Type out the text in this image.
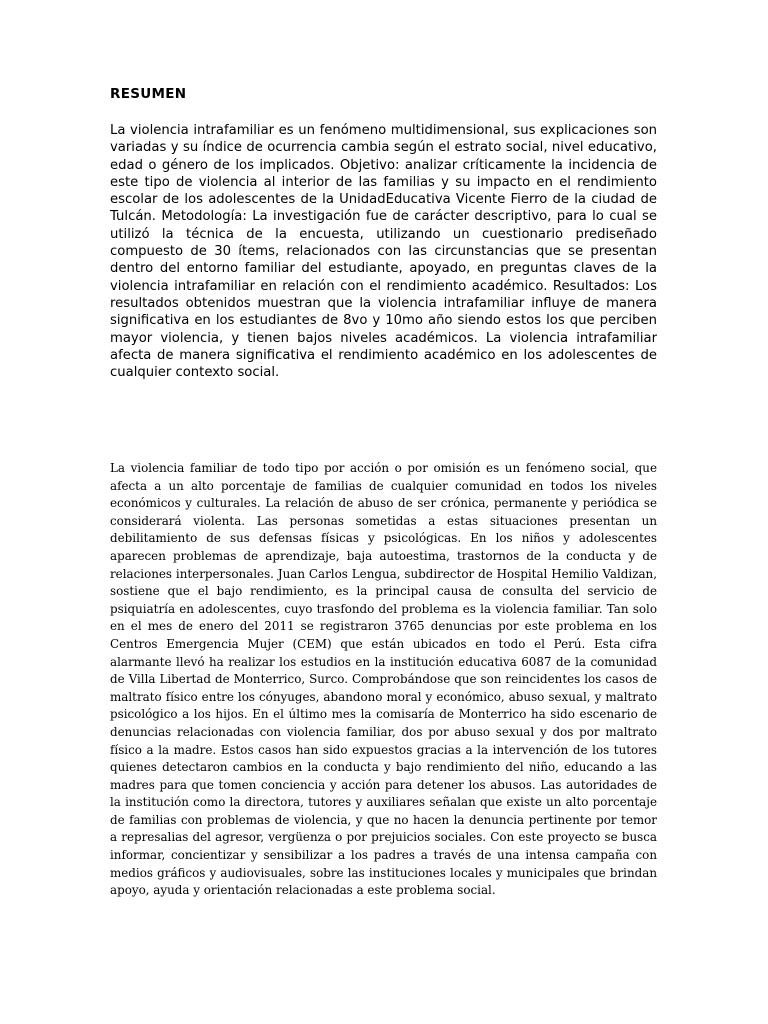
RESUMEN

La violencia intrafamiliar es un fenómeno multidimensional, sus explicaciones son variadas y su índice de ocurrencia cambia según el estrato social, nivel educativo, edad o género de los implicados. Objetivo: analizar críticamente la incidencia de este tipo de violencia al interior de las familias y su impacto en el rendimiento escolar de los adolescentes de la UnidadEducativa Vicente Fierro de la ciudad de Tulcán. Metodología: La investigación fue de carácter descriptivo, para lo cual se utilizó la técnica de la encuesta, utilizando un cuestionario prediseñado compuesto de 30 ítems, relacionados con las circunstancias que se presentan dentro del entorno familiar del estudiante, apoyado, en preguntas claves de la violencia intrafamiliar en relación con el rendimiento académico. Resultados: Los resultados obtenidos muestran que la violencia intrafamiliar influye de manera significativa en los estudiantes de 8vo y 10mo año siendo estos los que perciben mayor violencia, y tienen bajos niveles académicos. La violencia intrafamiliar afecta de manera significativa el rendimiento académico en los adolescentes de cualquier contexto social.

La violencia familiar de todo tipo por acción o por omisión es un fenómeno social, que afecta a un alto porcentaje de familias de cualquier comunidad en todos los niveles económicos y culturales. La relación de abuso de ser crónica, permanente y periódica se considerará violenta. Las personas sometidas a estas situaciones presentan un debilitamiento de sus defensas físicas y psicológicas. En los niños y adolescentes aparecen problemas de aprendizaje, baja autoestima, trastornos de la conducta y de relaciones interpersonales. Juan Carlos Lengua, subdirector de Hospital Hemilio Valdizan, sostiene que el bajo rendimiento, es la principal causa de consulta del servicio de psiquiatría en adolescentes, cuyo trasfondo del problema es la violencia familiar. Tan solo en el mes de enero del 2011 se registraron 3765 denuncias por este problema en los Centros Emergencia Mujer (CEM) que están ubicados en todo el Perú. Esta cifra alarmante llevó ha realizar los estudios en la institución educativa 6087 de la comunidad de Villa Libertad de Monterrico, Surco. Comprobándose que son reincidentes los casos de maltrato físico entre los cónyuges, abandono moral y económico, abuso sexual, y maltrato psicológico a los hijos. En el último mes la comisaría de Monterrico ha sido escenario de denuncias relacionadas con violencia familiar, dos por abuso sexual y dos por maltrato físico a la madre. Estos casos han sido expuestos gracias a la intervención de los tutores quienes detectaron cambios en la conducta y bajo rendimiento del niño, educando a las madres para que tomen conciencia y acción para detener los abusos. Las autoridades de la institución como la directora, tutores y auxiliares señalan que existe un alto porcentaje de familias con problemas de violencia, y que no hacen la denuncia pertinente por temor a represalias del agresor, vergüenza o por prejuicios sociales. Con este proyecto se busca informar, concientizar y sensibilizar a los padres a través de una intensa campaña con medios gráficos y audiovisuales, sobre las instituciones locales y municipales que brindan apoyo, ayuda y orientación relacionadas a este problema social.
